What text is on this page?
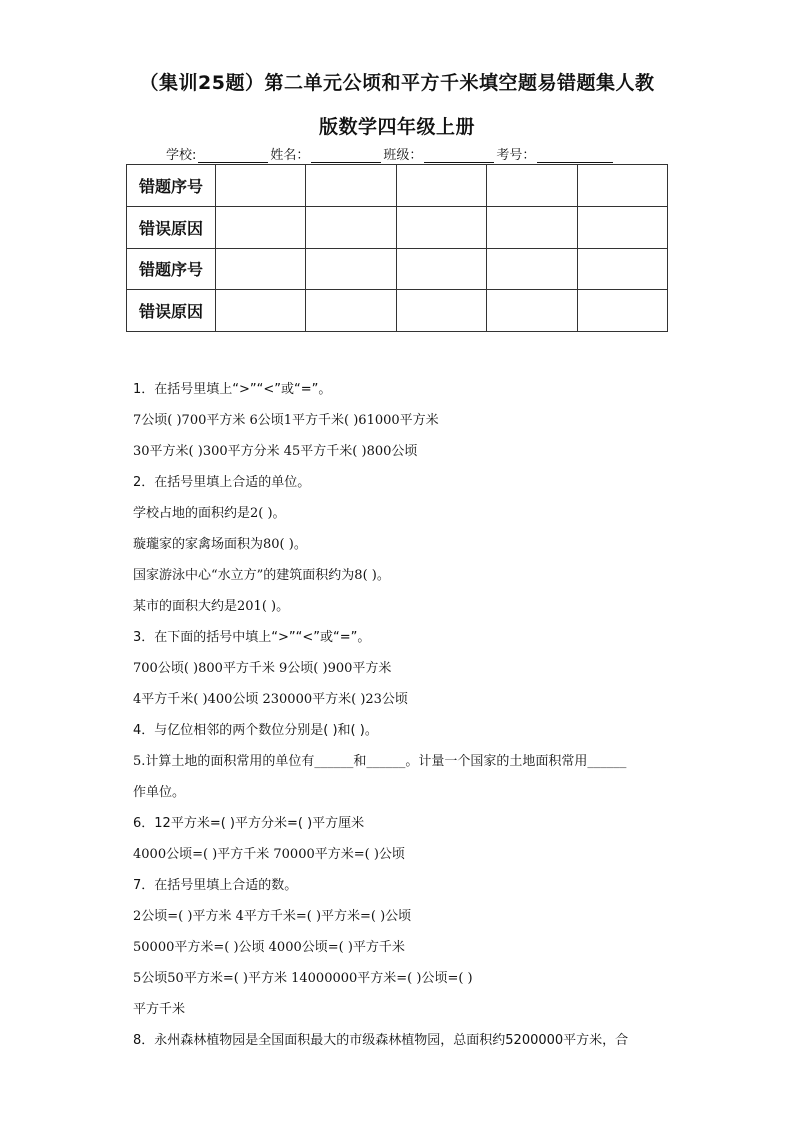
（集训25题）第二单元公顷和平方千米填空题易错题集人教
版数学四年级上册
学校:	姓名：	班级：	考号：
错题序号					
错误原因					
错题序号					
错误原因					
1．在括号里填上“>”“<”或“=”。
7公顷( )700平方米 6公顷1平方千米( )61000平方米
30平方米( )300平方分米 45平方千米( )800公顷
2．在括号里填上合适的单位。
学校占地的面积约是2( )。
璇瓏家的家禽场面积为80( )。
国家游泳中心“水立方”的建筑面积约为8( )。
某市的面积大约是201( )。
3．在下面的括号中填上“>”“<”或“=”。
700公顷( )800平方千米 9公顷( )900平方米
4平方千米( )400公顷 230000平方米( )23公顷
4．与亿位相邻的两个数位分别是( )和( )。
5.计算土地的面积常用的单位有______和______。计量一个国家的土地面积常用______
作单位。
6．12平方米=( )平方分米=( )平方厘米
4000公顷=( )平方千米 70000平方米=( )公顷
7．在括号里填上合适的数。
2公顷=( )平方米 4平方千米=( )平方米=( )公顷
50000平方米=( )公顷 4000公顷=( )平方千米
5公顷50平方米=( )平方米 14000000平方米=( )公顷=( )
平方千米
8．永州森林植物园是全国面积最大的市级森林植物园，总面积约5200000平方米，合
